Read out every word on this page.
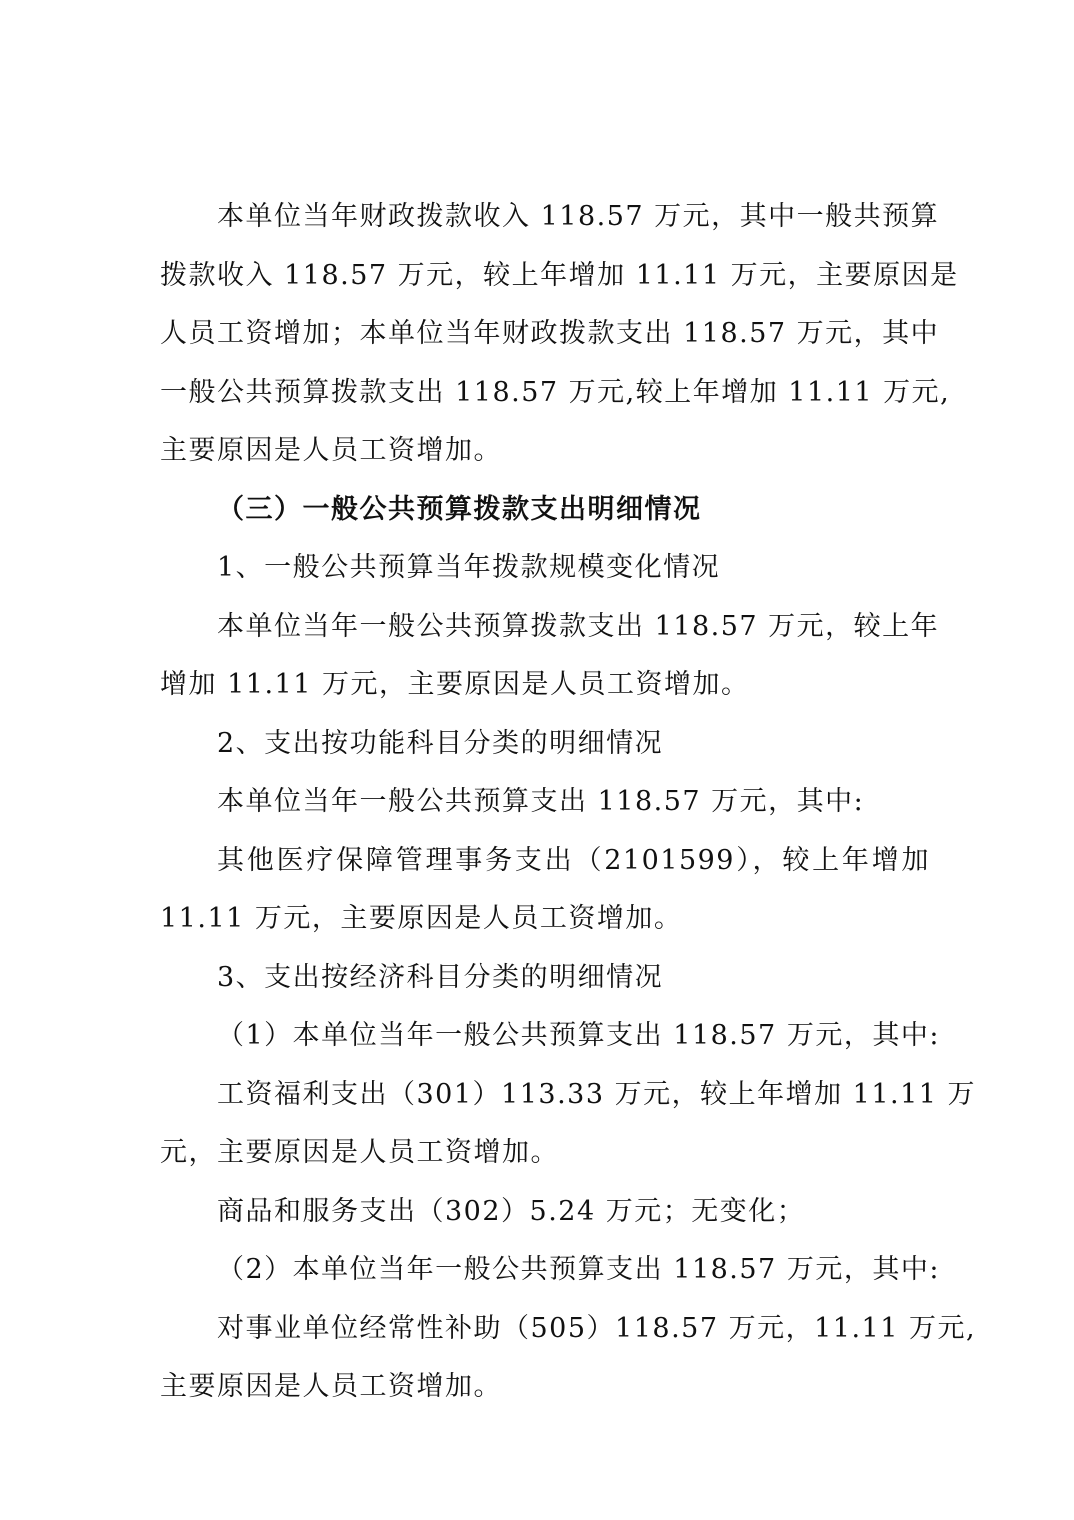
本单位当年财政拨款收入 118.57 万元，其中一般共预算
拨款收入 118.57 万元，较上年增加 11.11 万元，主要原因是
人员工资增加；本单位当年财政拨款支出 118.57 万元，其中
一般公共预算拨款支出 118.57 万元,较上年增加 11.11 万元,
主要原因是人员工资增加。
（三）一般公共预算拨款支出明细情况
1、一般公共预算当年拨款规模变化情况
本单位当年一般公共预算拨款支出 118.57 万元，较上年
增加 11.11 万元，主要原因是人员工资增加。
2、支出按功能科目分类的明细情况
本单位当年一般公共预算支出 118.57 万元，其中:
其他医疗保障管理事务支出（2101599），较上年增加
11.11 万元，主要原因是人员工资增加。
3、支出按经济科目分类的明细情况
（1）本单位当年一般公共预算支出 118.57 万元，其中:
工资福利支出（301）113.33 万元，较上年增加 11.11 万
元，主要原因是人员工资增加。
商品和服务支出（302）5.24 万元；无变化；
（2）本单位当年一般公共预算支出 118.57 万元，其中:
对事业单位经常性补助（505）118.57 万元，11.11 万元,
主要原因是人员工资增加。
